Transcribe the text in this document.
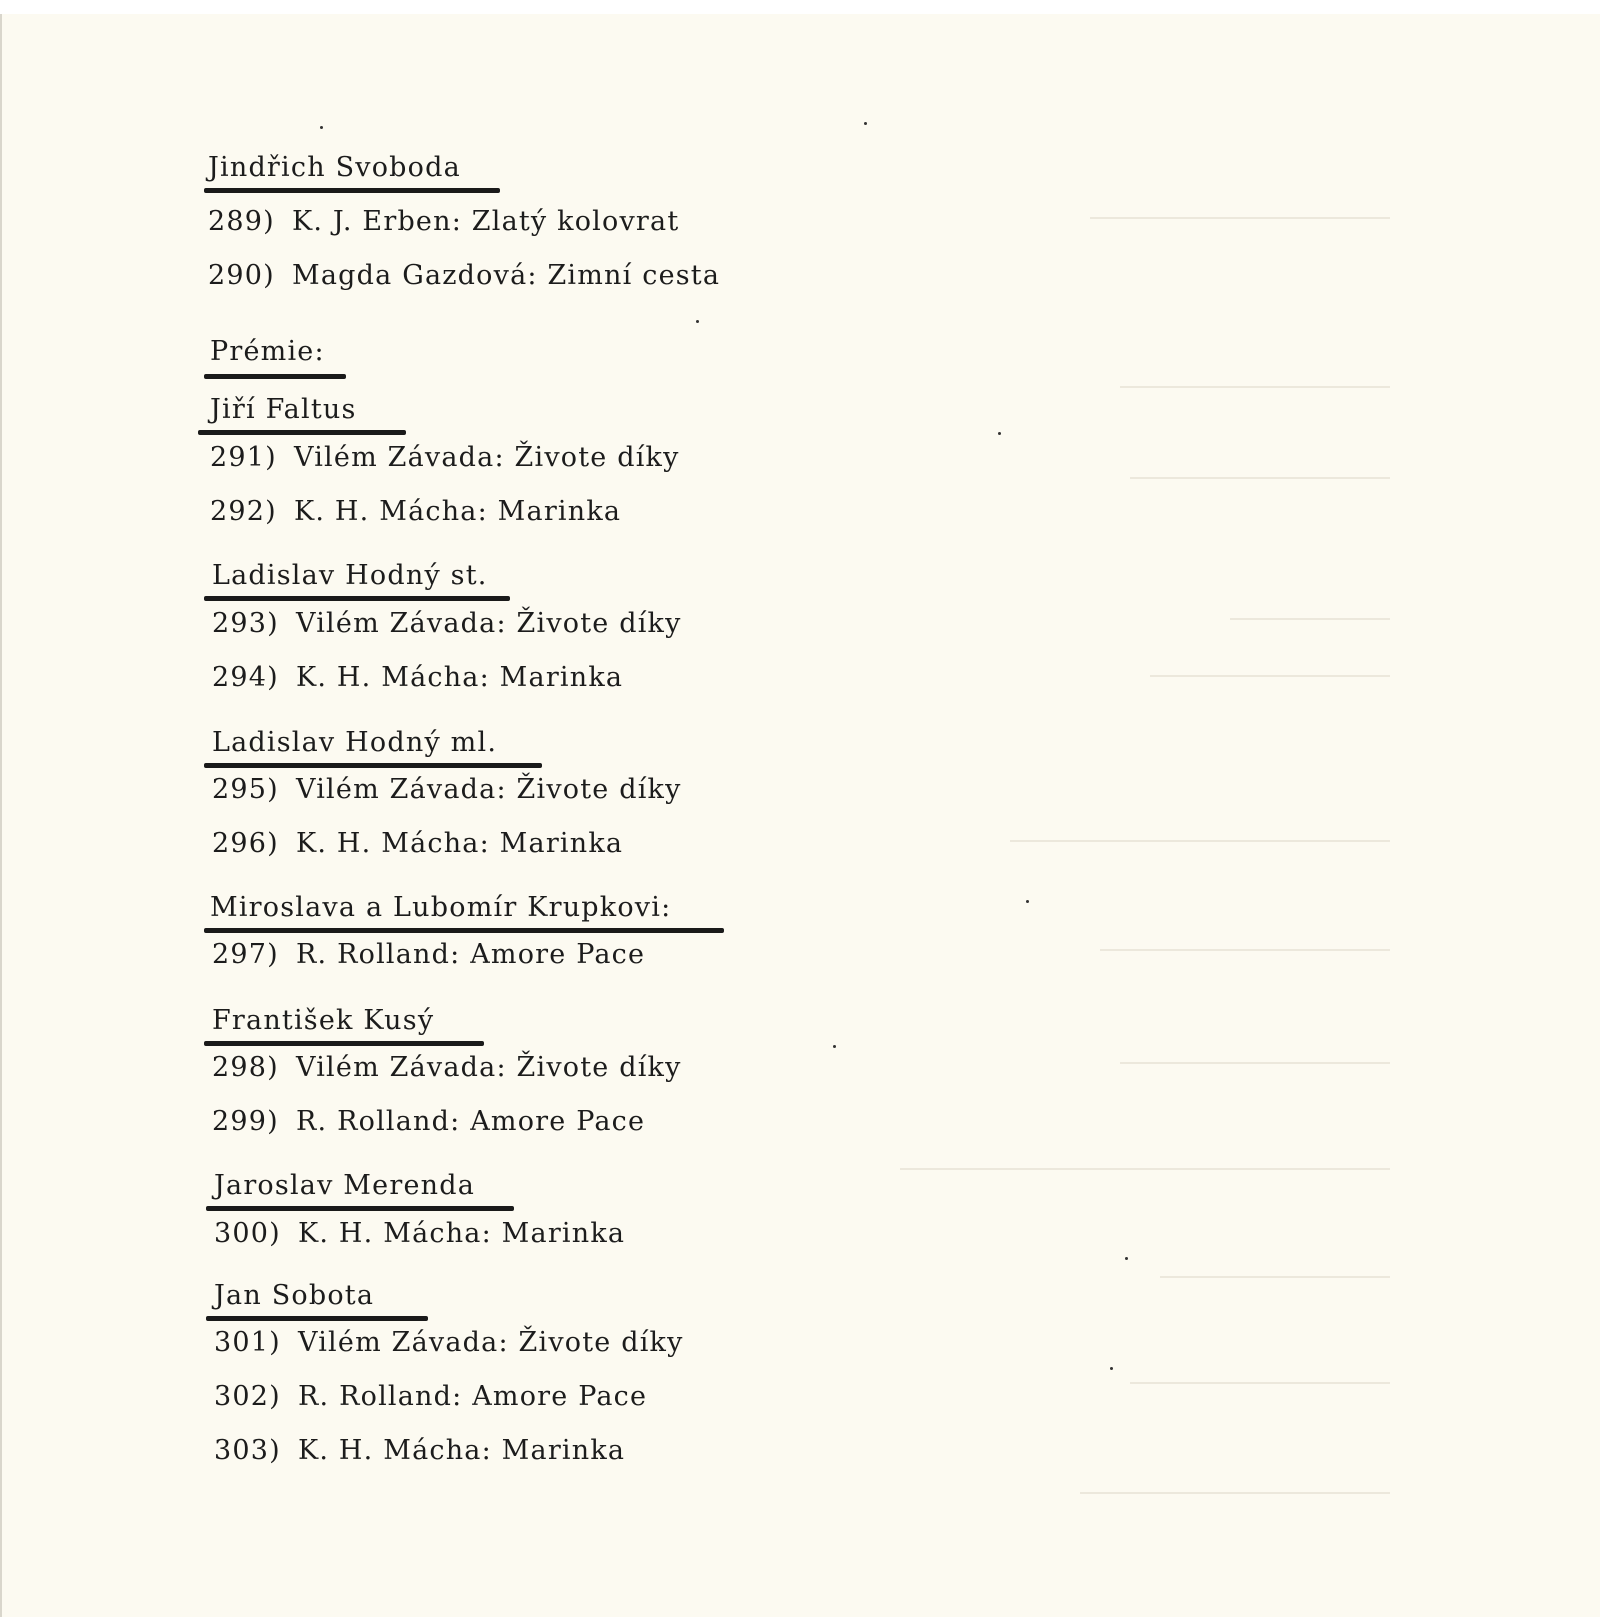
Jindřich Svoboda
289) K. J. Erben: Zlatý kolovrat
290) Magda Gazdová: Zimní cesta
Prémie:
Jiří Faltus
291) Vilém Závada: Živote díky
292) K. H. Mácha: Marinka
Ladislav Hodný st.
293) Vilém Závada: Živote díky
294) K. H. Mácha: Marinka
Ladislav Hodný ml.
295) Vilém Závada: Živote díky
296) K. H. Mácha: Marinka
Miroslava a Lubomír Krupkovi:
297) R. Rolland: Amore Pace
František Kusý
298) Vilém Závada: Živote díky
299) R. Rolland: Amore Pace
Jaroslav Merenda
300) K. H. Mácha: Marinka
Jan Sobota
301) Vilém Závada: Živote díky
302) R. Rolland: Amore Pace
303) K. H. Mácha: Marinka
